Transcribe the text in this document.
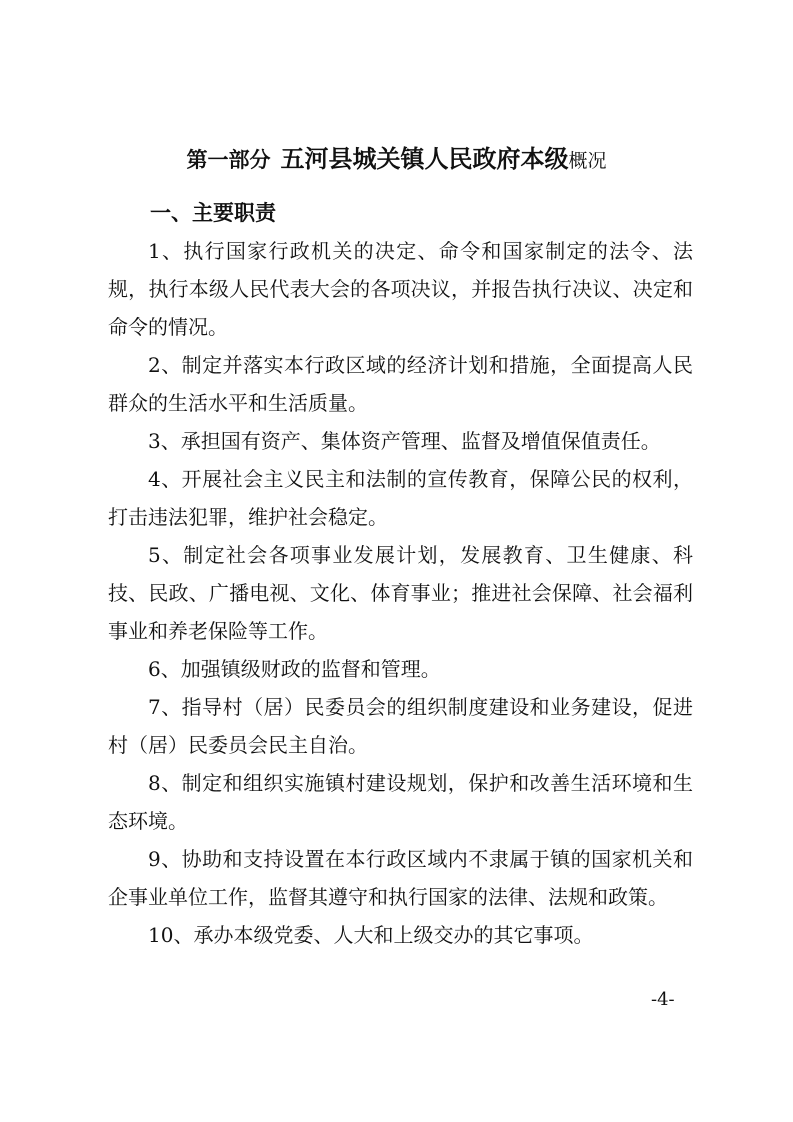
第一部分 五河县城关镇人民政府本级概况
一、主要职责

1、执行国家行政机关的决定、命令和国家制定的法令、法规，执行本级人民代表大会的各项决议，并报告执行决议、决定和命令的情况。

2、制定并落实本行政区域的经济计划和措施，全面提高人民群众的生活水平和生活质量。

3、承担国有资产、集体资产管理、监督及增值保值责任。

4、开展社会主义民主和法制的宣传教育，保障公民的权利，打击违法犯罪，维护社会稳定。

5、制定社会各项事业发展计划，发展教育、卫生健康、科技、民政、广播电视、文化、体育事业；推进社会保障、社会福利事业和养老保险等工作。

6、加强镇级财政的监督和管理。

7、指导村（居）民委员会的组织制度建设和业务建设，促进村（居）民委员会民主自治。

8、制定和组织实施镇村建设规划，保护和改善生活环境和生态环境。

9、协助和支持设置在本行政区域内不隶属于镇的国家机关和企事业单位工作，监督其遵守和执行国家的法律、法规和政策。

10、承办本级党委、人大和上级交办的其它事项。

-4-
